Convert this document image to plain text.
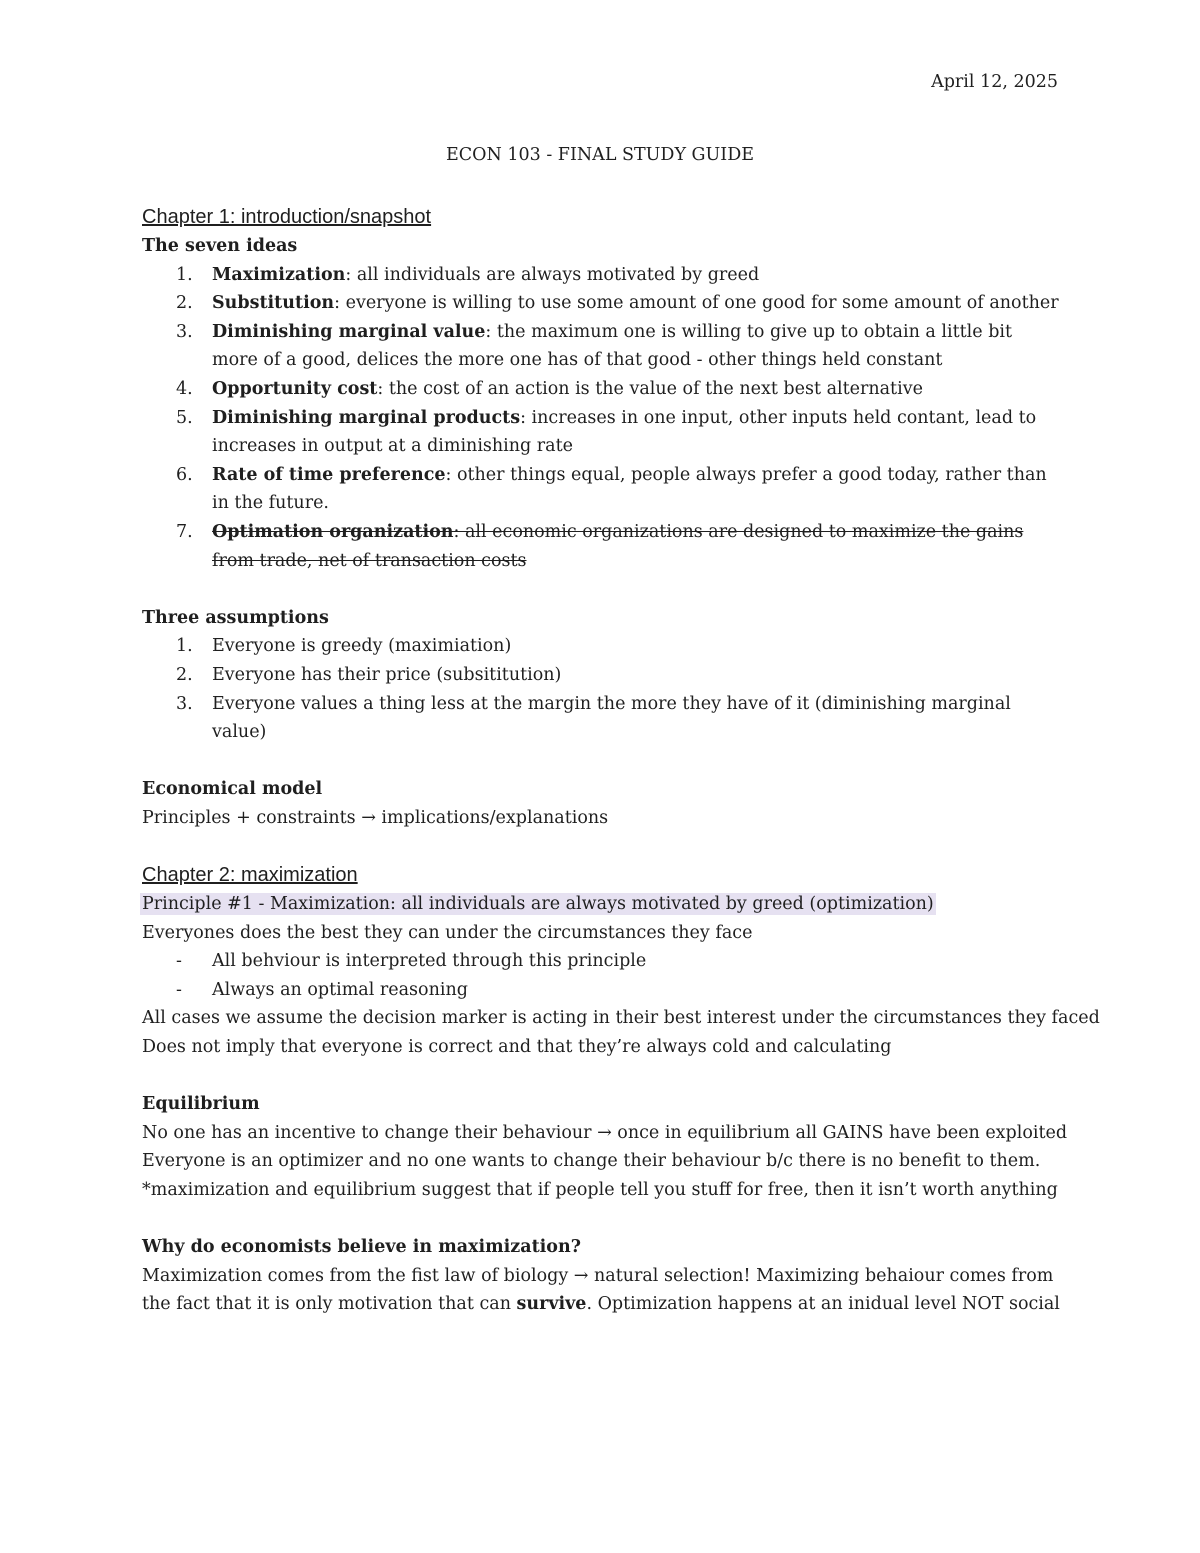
April 12, 2025
ECON 103 - FINAL STUDY GUIDE
Chapter 1: introduction/snapshot
The seven ideas
1. Maximization: all individuals are always motivated by greed
2. Substitution: everyone is willing to use some amount of one good for some amount of another
3. Diminishing marginal value: the maximum one is willing to give up to obtain a little bit more of a good, delices the more one has of that good - other things held constant
4. Opportunity cost: the cost of an action is the value of the next best alternative
5. Diminishing marginal products: increases in one input, other inputs held contant, lead to increases in output at a diminishing rate
6. Rate of time preference: other things equal, people always prefer a good today, rather than in the future.
7. Optimation organization: all economic organizations are designed to maximize the gains from trade, net of transaction costs
Three assumptions
1. Everyone is greedy (maximiation)
2. Everyone has their price (subsititution)
3. Everyone values a thing less at the margin the more they have of it (diminishing marginal value)
Economical model
Principles + constraints → implications/explanations
Chapter 2: maximization
Principle #1 - Maximization: all individuals are always motivated by greed (optimization)
Everyones does the best they can under the circumstances they face
- All behviour is interpreted through this principle
- Always an optimal reasoning
All cases we assume the decision marker is acting in their best interest under the circumstances they faced
Does not imply that everyone is correct and that they’re always cold and calculating
Equilibrium
No one has an incentive to change their behaviour → once in equilibrium all GAINS have been exploited
Everyone is an optimizer and no one wants to change their behaviour b/c there is no benefit to them.
*maximization and equilibrium suggest that if people tell you stuff for free, then it isn’t worth anything
Why do economists believe in maximization?
Maximization comes from the fist law of biology → natural selection! Maximizing behaiour comes from
the fact that it is only motivation that can survive. Optimization happens at an inidual level NOT social
